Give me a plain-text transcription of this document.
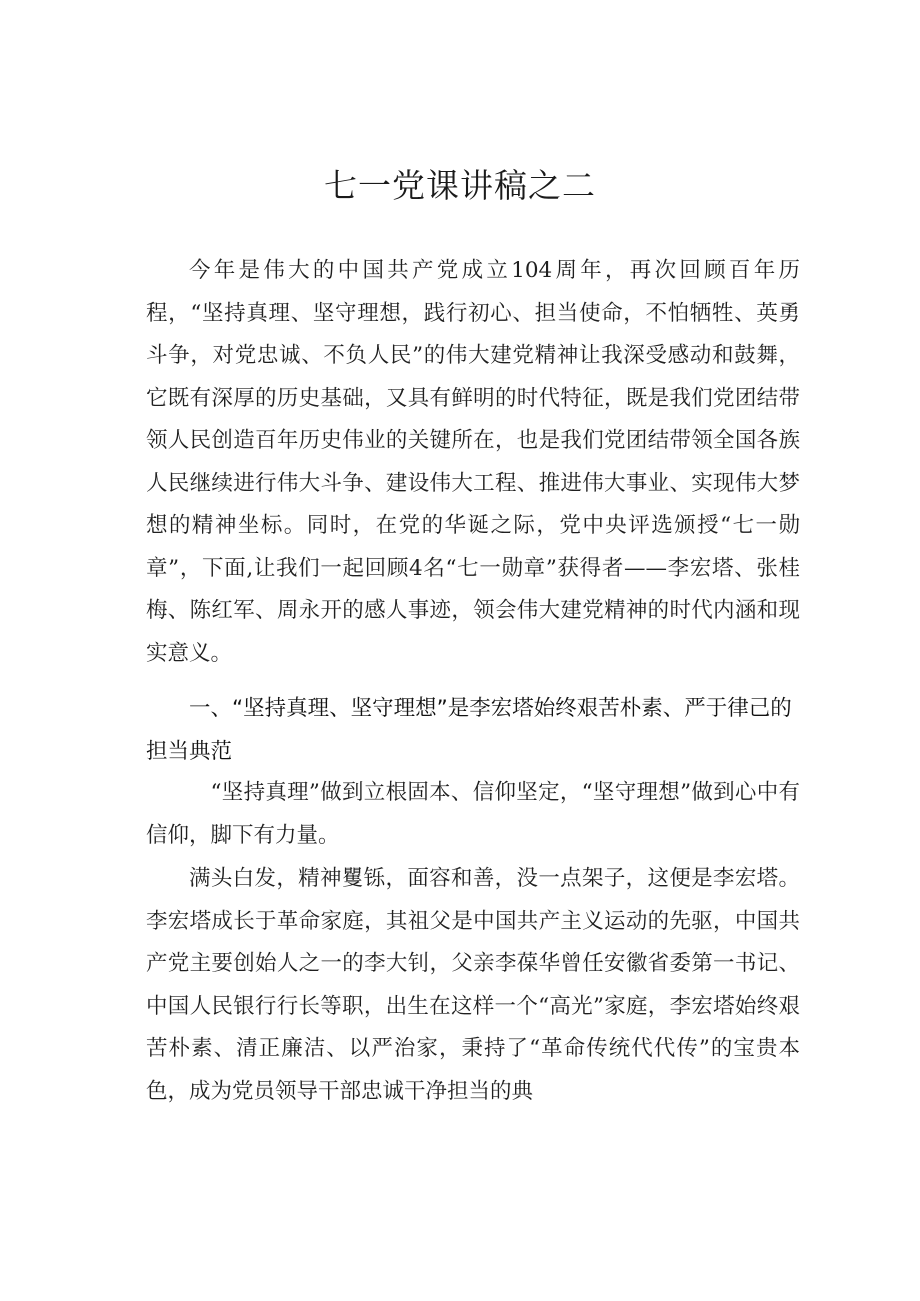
七一党课讲稿之二

今年是伟大的中国共产党成立104周年，再次回顾百年历程，“坚持真理、坚守理想，践行初心、担当使命，不怕牺牲、英勇斗争，对党忠诚、不负人民”的伟大建党精神让我深受感动和鼓舞，它既有深厚的历史基础，又具有鲜明的时代特征，既是我们党团结带领人民创造百年历史伟业的关键所在，也是我们党团结带领全国各族人民继续进行伟大斗争、建设伟大工程、推进伟大事业、实现伟大梦想的精神坐标。同时，在党的华诞之际，党中央评选颁授“七一勋章”，下面,让我们一起回顾4名“七一勋章”获得者——李宏塔、张桂梅、陈红军、周永开的感人事迹，领会伟大建党精神的时代内涵和现实意义。

一、“坚持真理、坚守理想”是李宏塔始终艰苦朴素、严于律己的担当典范

“坚持真理”做到立根固本、信仰坚定，“坚守理想”做到心中有信仰，脚下有力量。

满头白发，精神矍铄，面容和善，没一点架子，这便是李宏塔。李宏塔成长于革命家庭，其祖父是中国共产主义运动的先驱，中国共产党主要创始人之一的李大钊，父亲李葆华曾任安徽省委第一书记、中国人民银行行长等职，出生在这样一个“高光”家庭，李宏塔始终艰苦朴素、清正廉洁、以严治家，秉持了“革命传统代代传”的宝贵本色，成为党员领导干部忠诚干净担当的典
